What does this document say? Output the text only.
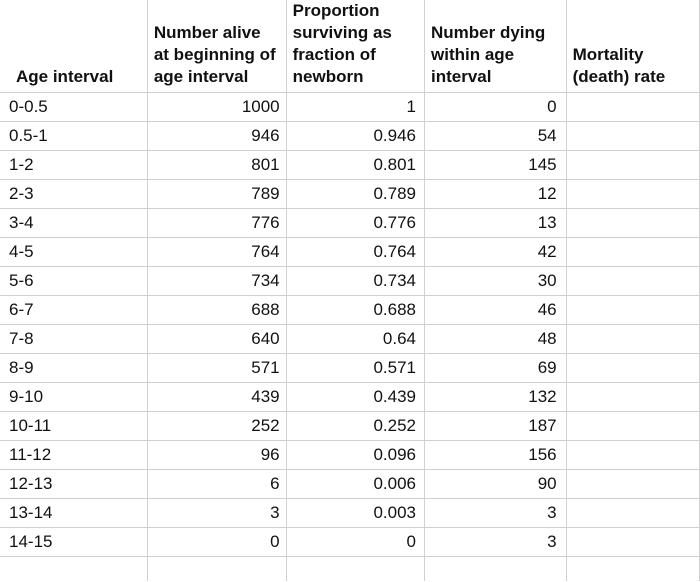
Age interval	Number alive
at beginning of
age interval	Proportion
surviving as
fraction of
newborn	Number dying
within age
interval	Mortality
(death) rate

0-0.5	1000	1	0	
0.5-1	946	0.946	54	
1-2	801	0.801	145	
2-3	789	0.789	12	
3-4	776	0.776	13	
4-5	764	0.764	42	
5-6	734	0.734	30	
6-7	688	0.688	46	
7-8	640	0.64	48	
8-9	571	0.571	69	
9-10	439	0.439	132	
10-11	252	0.252	187	
11-12	96	0.096	156	
12-13	6	0.006	90	
13-14	3	0.003	3	
14-15	0	0	3	
